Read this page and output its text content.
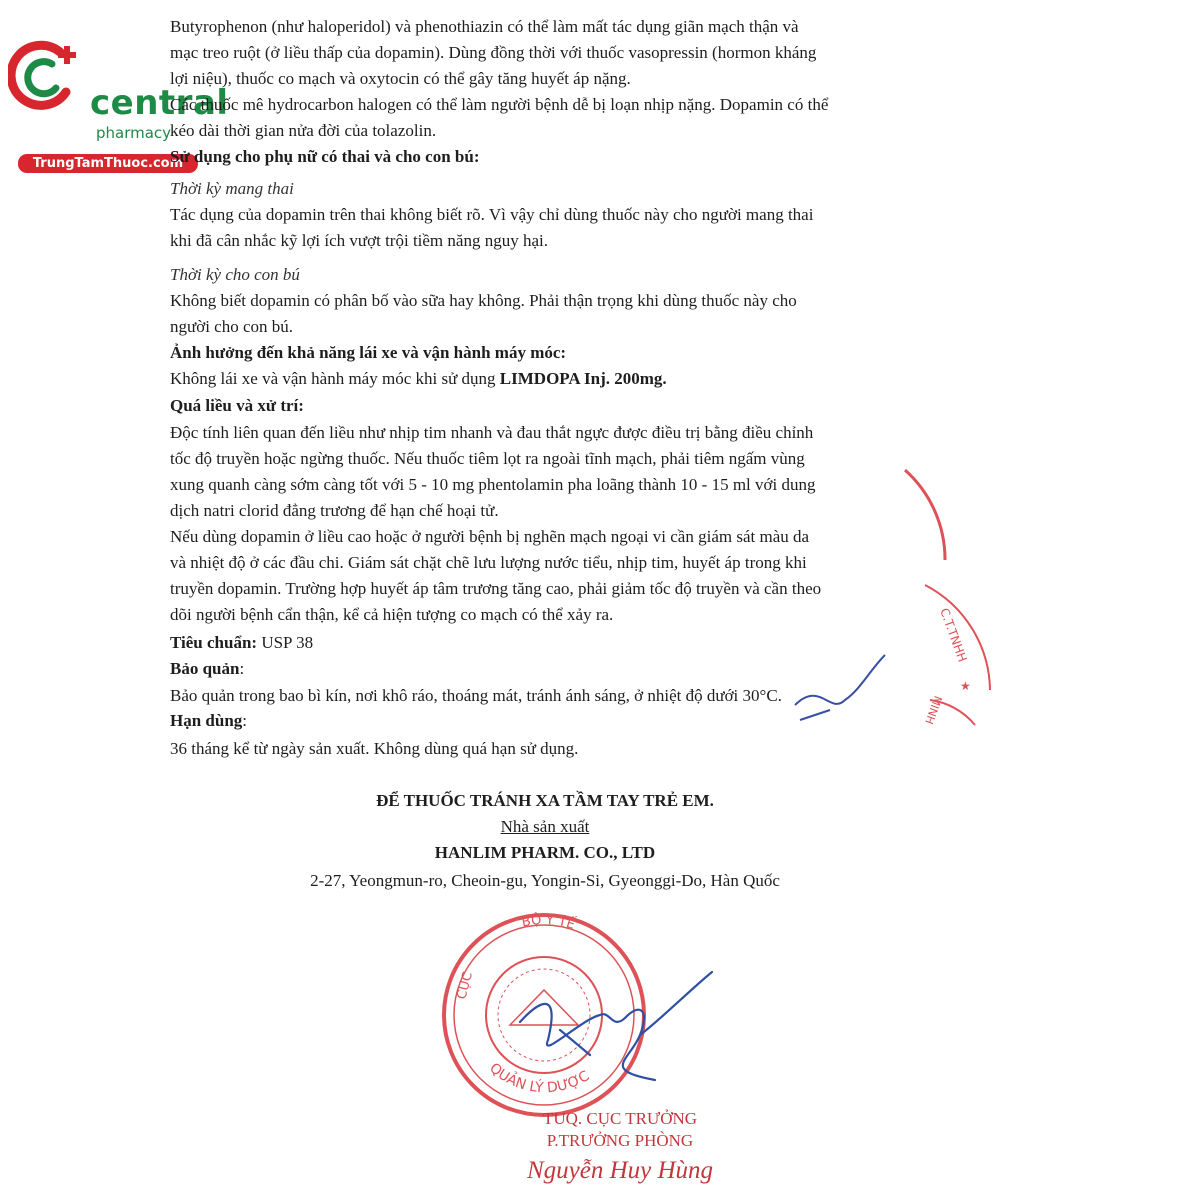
central
pharmacy
TrungTamThuoc.com

Butyrophenon (như haloperidol) và phenothiazin có thể làm mất tác dụng giãn mạch thận và
mạc treo ruột (ở liều thấp của dopamin). Dùng đồng thời với thuốc vasopressin (hormon kháng
lợi niệu), thuốc co mạch và oxytocin có thể gây tăng huyết áp nặng.
Các thuốc mê hydrocarbon halogen có thể làm người bệnh dễ bị loạn nhịp nặng. Dopamin có thể
kéo dài thời gian nửa đời của tolazolin.

Sử dụng cho phụ nữ có thai và cho con bú:

Thời kỳ mang thai

Tác dụng của dopamin trên thai không biết rõ. Vì vậy chỉ dùng thuốc này cho người mang thai
khi đã cân nhắc kỹ lợi ích vượt trội tiềm năng nguy hại.

Thời kỳ cho con bú

Không biết dopamin có phân bố vào sữa hay không. Phải thận trọng khi dùng thuốc này cho
người cho con bú.

Ảnh hưởng đến khả năng lái xe và vận hành máy móc:

Không lái xe và vận hành máy móc khi sử dụng LIMDOPA Inj. 200mg.

Quá liều và xử trí:

Độc tính liên quan đến liều như nhịp tim nhanh và đau thắt ngực được điều trị bằng điều chỉnh
tốc độ truyền hoặc ngừng thuốc. Nếu thuốc tiêm lọt ra ngoài tĩnh mạch, phải tiêm ngấm vùng
xung quanh càng sớm càng tốt với 5 - 10 mg phentolamin pha loãng thành 10 - 15 ml với dung
dịch natri clorid đẳng trương để hạn chế hoại tử.

Nếu dùng dopamin ở liều cao hoặc ở người bệnh bị nghẽn mạch ngoại vi cần giám sát màu da
và nhiệt độ ở các đầu chi. Giám sát chặt chẽ lưu lượng nước tiểu, nhịp tim, huyết áp trong khi
truyền dopamin. Trường hợp huyết áp tâm trương tăng cao, phải giảm tốc độ truyền và cần theo
dõi người bệnh cẩn thận, kể cả hiện tượng co mạch có thể xảy ra.

Tiêu chuẩn: USP 38

Bảo quản:

Bảo quản trong bao bì kín, nơi khô ráo, thoáng mát, tránh ánh sáng, ở nhiệt độ dưới 30°C.

Hạn dùng:

36 tháng kể từ ngày sản xuất. Không dùng quá hạn sử dụng.

ĐỂ THUỐC TRÁNH XA TẦM TAY TRẺ EM.

Nhà sản xuất

HANLIM PHARM. CO., LTD

2-27, Yeongmun-ro, Cheoin-gu, Yongin-Si, Gyeonggi-Do, Hàn Quốc

C.T.TNHH
MINH
★
BỘ Y TẾ
QUẢN LÝ DƯỢC
CỤC
TUQ. CỤC TRƯỞNG
P.TRƯỞNG PHÒNG
Nguyễn Huy Hùng
